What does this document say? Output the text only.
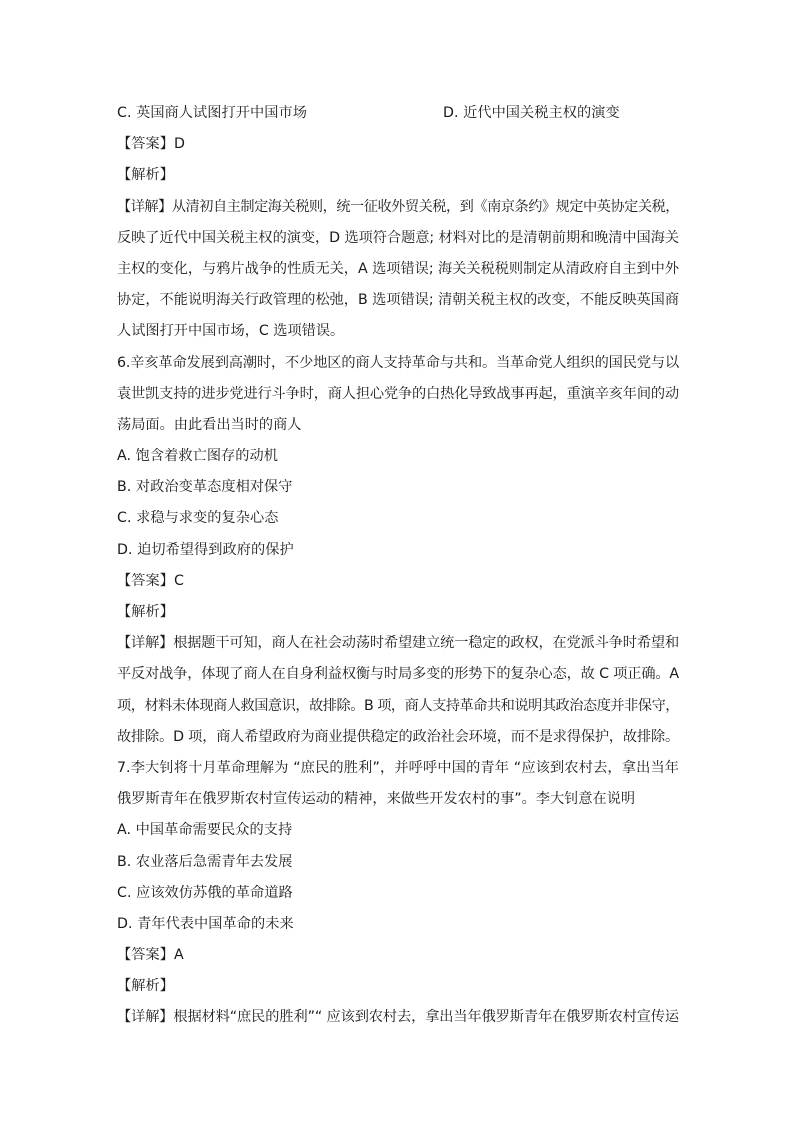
C. 英国商人试图打开中国市场	D. 近代中国关税主权的演变
【答案】D
【解析】
【详解】从清初自主制定海关税则，统一征收外贸关税，到《南京条约》规定中英协定关税，
反映了近代中国关税主权的演变，D 选项符合题意; 材料对比的是清朝前期和晚清中国海关
主权的变化，与鸦片战争的性质无关，A 选项错误; 海关关税税则制定从清政府自主到中外
协定，不能说明海关行政管理的松弛，B 选项错误; 清朝关税主权的改变，不能反映英国商
人试图打开中国市场，C 选项错误。
6.辛亥革命发展到高潮时，不少地区的商人支持革命与共和。当革命党人组织的国民党与以
袁世凯支持的进步党进行斗争时，商人担心党争的白热化导致战事再起，重演辛亥年间的动
荡局面。由此看出当时的商人
A. 饱含着救亡图存的动机
B. 对政治变革态度相对保守
C. 求稳与求变的复杂心态
D. 迫切希望得到政府的保护
【答案】C
【解析】
【详解】根据题干可知，商人在社会动荡时希望建立统一稳定的政权，在党派斗争时希望和
平反对战争，体现了商人在自身利益权衡与时局多变的形势下的复杂心态，故 C 项正确。A
项，材料未体现商人救国意识，故排除。B 项，商人支持革命共和说明其政治态度并非保守，
故排除。D 项，商人希望政府为商业提供稳定的政治社会环境，而不是求得保护，故排除。
7.李大钊将十月革命理解为 “庶民的胜利”，并呼呼中国的青年 “应该到农村去，拿出当年
俄罗斯青年在俄罗斯农村宣传运动的精神，来做些开发农村的事”。李大钊意在说明
A. 中国革命需要民众的支持
B. 农业落后急需青年去发展
C. 应该效仿苏俄的革命道路
D. 青年代表中国革命的未来
【答案】A
【解析】
【详解】根据材料“庶民的胜利”“ 应该到农村去，拿出当年俄罗斯青年在俄罗斯农村宣传运
